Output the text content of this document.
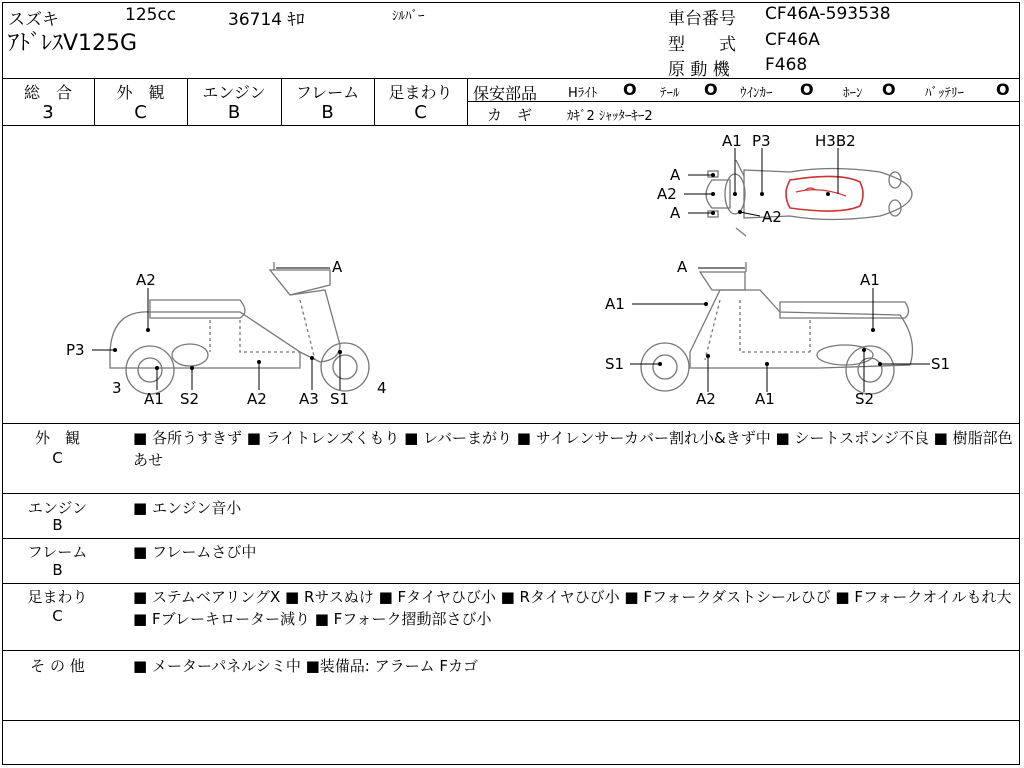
スズキ	125cc	36714 ｷﾛ	ｼﾙﾊﾞｰ
ｱﾄﾞﾚｽV125G
車台番号 CF46A-593538
型　　式 CF46A
原 動 機 F468
総　合
3
外　観
C
エンジン
B
フレーム
B
足まわり
C
保安部品 Hﾗｲﾄ O ﾃｰﾙ O ｳｲﾝｶｰ O ﾎｰﾝ O ﾊﾞｯﾃﾘｰ O
カ　ギ	ｶｷﾞ2 ｼｬｯﾀｰｷｰ2
A1 P3	H3B2
A
A2
A	A2
A2
A
P3
3
A1 S2	A2 A3 S1
4
A
A1
A1
S1	S1
A2	A1	S2
外　観
C
■ 各所うすきず ■ ライトレンズくもり ■ レバーまがり ■ サイレンサーカバー割れ小&きず中 ■ シートスポンジ不良 ■ 樹脂部色あせ
エンジン
B
■ エンジン音小
フレーム
B
■ フレームさび中
足まわり
C
■ ステムベアリングX ■ Rサスぬけ ■ Fタイヤひび小 ■ Rタイヤひび小 ■ Fフォークダストシールひび ■ Fフォークオイルもれ大 ■ Fブレーキローター減り ■ Fフォーク摺動部さび小
そ の 他	■ メーターパネルシミ中 ■装備品: アラーム Fカゴ
